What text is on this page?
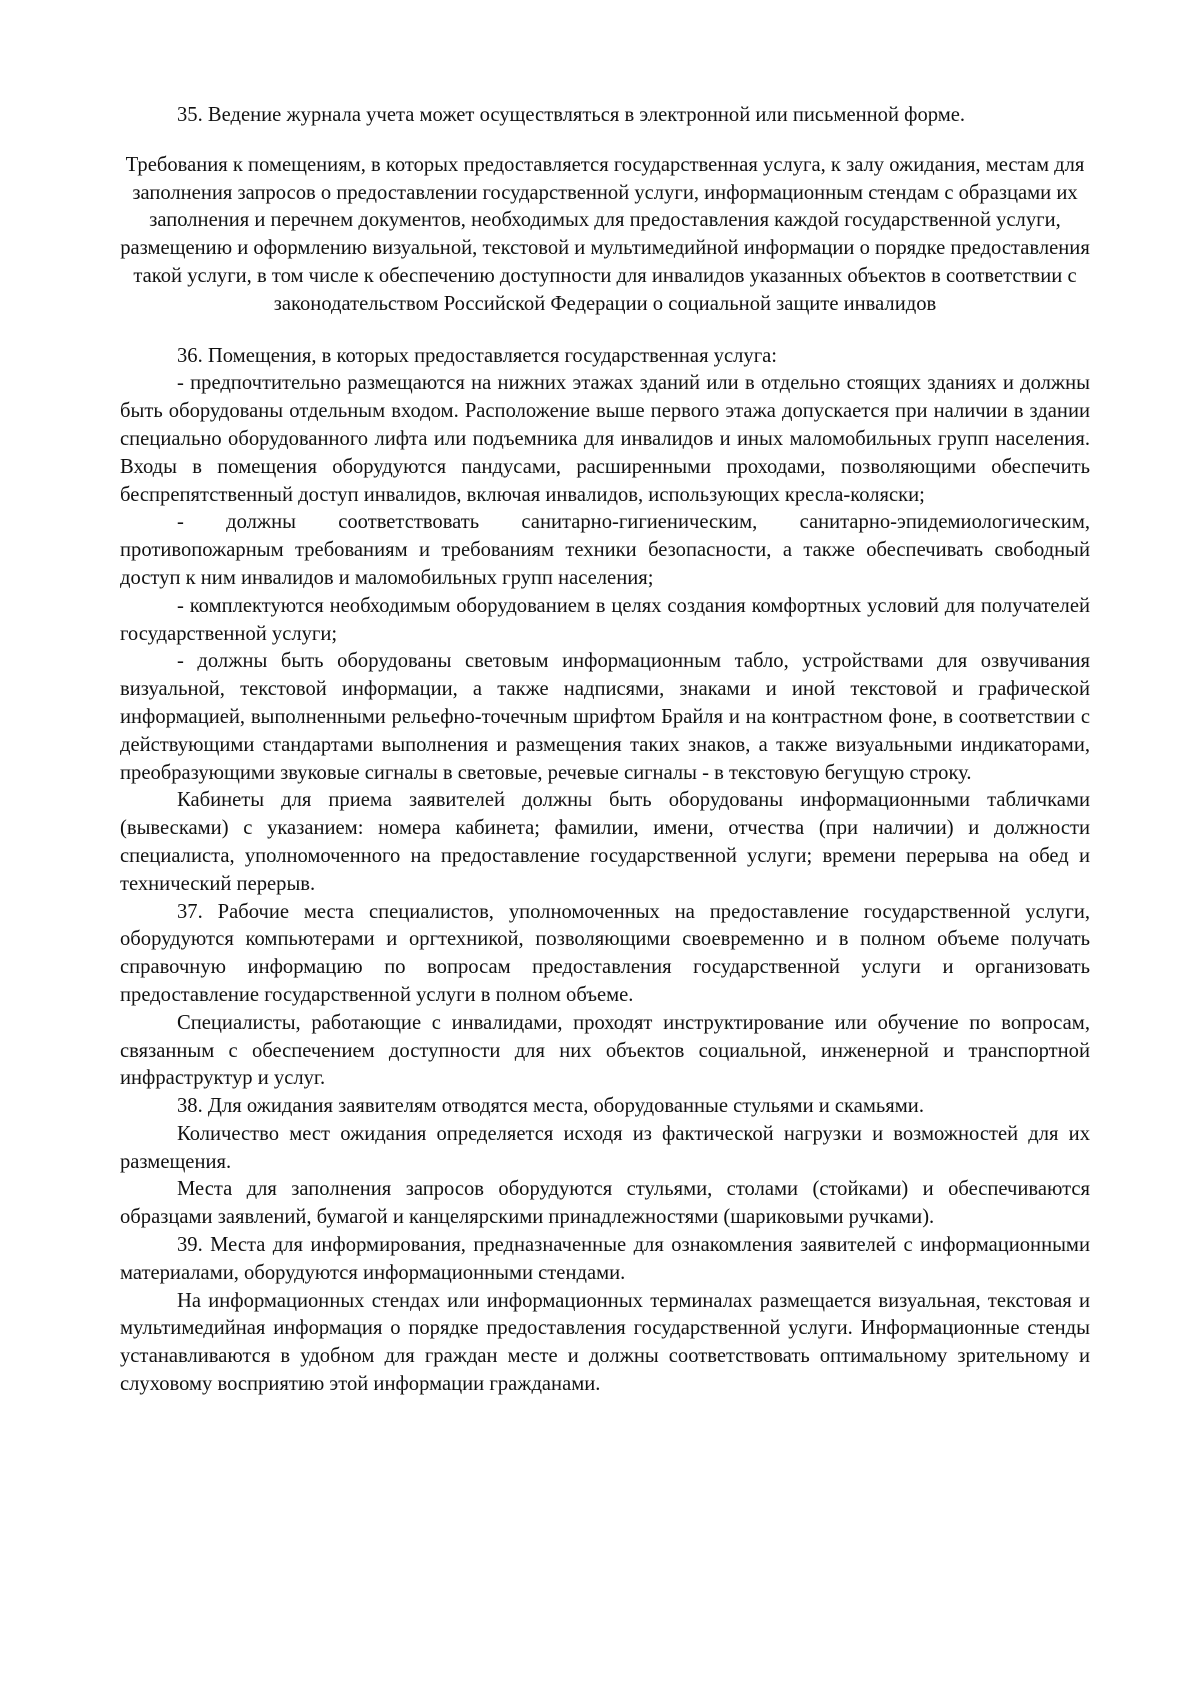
35. Ведение журнала учета может осуществляться в электронной или письменной форме.

Требования к помещениям, в которых предоставляется государственная услуга, к залу ожидания, местам для заполнения запросов о предоставлении государственной услуги, информационным стендам с образцами их заполнения и перечнем документов, необходимых для предоставления каждой государственной услуги, размещению и оформлению визуальной, текстовой и мультимедийной информации о порядке предоставления такой услуги, в том числе к обеспечению доступности для инвалидов указанных объектов в соответствии с законодательством Российской Федерации о социальной защите инвалидов

36. Помещения, в которых предоставляется государственная услуга:

- предпочтительно размещаются на нижних этажах зданий или в отдельно стоящих зданиях и должны быть оборудованы отдельным входом. Расположение выше первого этажа допускается при наличии в здании специально оборудованного лифта или подъемника для инвалидов и иных маломобильных групп населения. Входы в помещения оборудуются пандусами, расширенными проходами, позволяющими обеспечить беспрепятственный доступ инвалидов, включая инвалидов, использующих кресла-коляски;

- должны соответствовать санитарно-гигиеническим, санитарно-эпидемиологическим, противопожарным требованиям и требованиям техники безопасности, а также обеспечивать свободный доступ к ним инвалидов и маломобильных групп населения;

- комплектуются необходимым оборудованием в целях создания комфортных условий для получателей государственной услуги;

- должны быть оборудованы световым информационным табло, устройствами для озвучивания визуальной, текстовой информации, а также надписями, знаками и иной текстовой и графической информацией, выполненными рельефно-точечным шрифтом Брайля и на контрастном фоне, в соответствии с действующими стандартами выполнения и размещения таких знаков, а также визуальными индикаторами, преобразующими звуковые сигналы в световые, речевые сигналы - в текстовую бегущую строку.

Кабинеты для приема заявителей должны быть оборудованы информационными табличками (вывесками) с указанием: номера кабинета; фамилии, имени, отчества (при наличии) и должности специалиста, уполномоченного на предоставление государственной услуги; времени перерыва на обед и технический перерыв.

37. Рабочие места специалистов, уполномоченных на предоставление государственной услуги, оборудуются компьютерами и оргтехникой, позволяющими своевременно и в полном объеме получать справочную информацию по вопросам предоставления государственной услуги и организовать предоставление государственной услуги в полном объеме.

Специалисты, работающие с инвалидами, проходят инструктирование или обучение по вопросам, связанным с обеспечением доступности для них объектов социальной, инженерной и транспортной инфраструктур и услуг.

38. Для ожидания заявителям отводятся места, оборудованные стульями и скамьями.

Количество мест ожидания определяется исходя из фактической нагрузки и возможностей для их размещения.

Места для заполнения запросов оборудуются стульями, столами (стойками) и обеспечиваются образцами заявлений, бумагой и канцелярскими принадлежностями (шариковыми ручками).

39. Места для информирования, предназначенные для ознакомления заявителей с информационными материалами, оборудуются информационными стендами.

На информационных стендах или информационных терминалах размещается визуальная, текстовая и мультимедийная информация о порядке предоставления государственной услуги. Информационные стенды устанавливаются в удобном для граждан месте и должны соответствовать оптимальному зрительному и слуховому восприятию этой информации гражданами.
